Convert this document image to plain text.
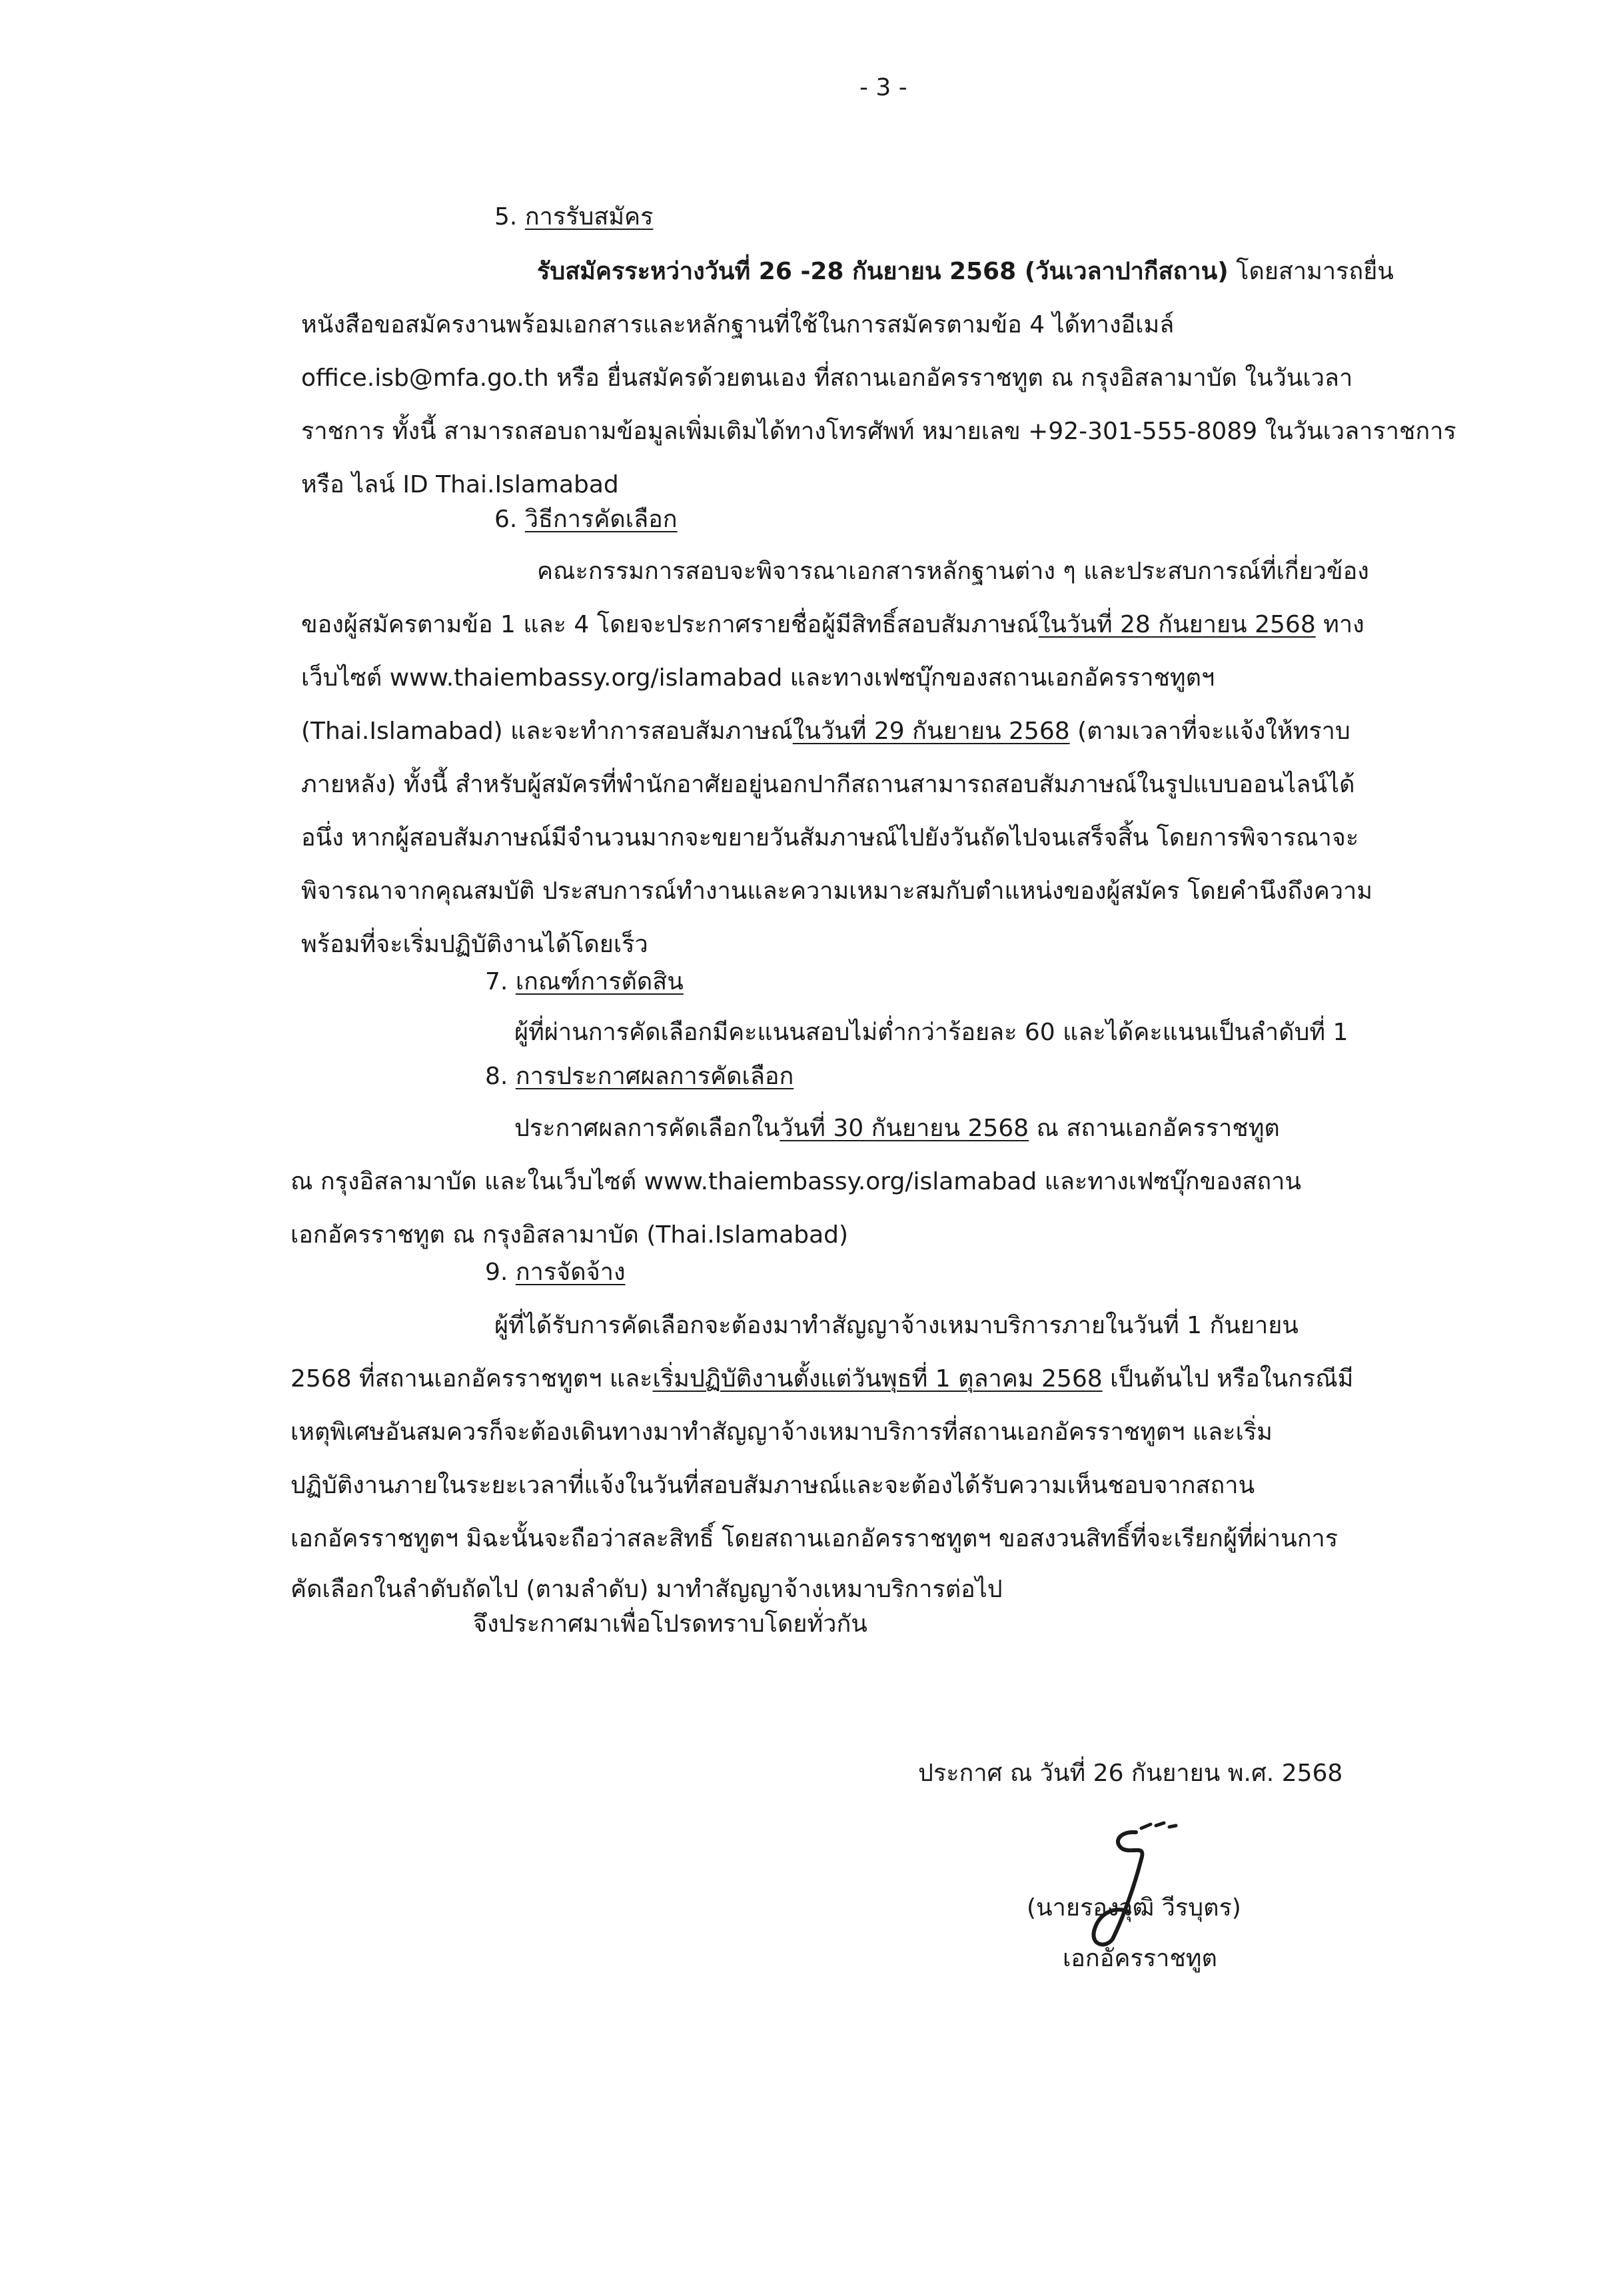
- 3 -
5. การรับสมัคร
รับสมัครระหว่างวันที่ 26 -28 กันยายน 2568 (วันเวลาปากีสถาน) โดยสามารถยื่น
หนังสือขอสมัครงานพร้อมเอกสารและหลักฐานที่ใช้ในการสมัครตามข้อ 4 ได้ทางอีเมล์
office.isb@mfa.go.th หรือ ยื่นสมัครด้วยตนเอง ที่สถานเอกอัครราชทูต ณ กรุงอิสลามาบัด ในวันเวลา
ราชการ ทั้งนี้ สามารถสอบถามข้อมูลเพิ่มเติมได้ทางโทรศัพท์ หมายเลข +92-301-555-8089 ในวันเวลาราชการ
หรือ ไลน์ ID Thai.Islamabad
6. วิธีการคัดเลือก
คณะกรรมการสอบจะพิจารณาเอกสารหลักฐานต่าง ๆ และประสบการณ์ที่เกี่ยวข้อง
ของผู้สมัครตามข้อ 1 และ 4 โดยจะประกาศรายชื่อผู้มีสิทธิ์สอบสัมภาษณ์ในวันที่ 28 กันยายน 2568 ทาง
เว็บไซต์ www.thaiembassy.org/islamabad และทางเฟซบุ๊กของสถานเอกอัครราชทูตฯ
(Thai.Islamabad) และจะทำการสอบสัมภาษณ์ในวันที่ 29 กันยายน 2568 (ตามเวลาที่จะแจ้งให้ทราบ
ภายหลัง) ทั้งนี้ สำหรับผู้สมัครที่พำนักอาศัยอยู่นอกปากีสถานสามารถสอบสัมภาษณ์ในรูปแบบออนไลน์ได้
อนึ่ง หากผู้สอบสัมภาษณ์มีจำนวนมากจะขยายวันสัมภาษณ์ไปยังวันถัดไปจนเสร็จสิ้น โดยการพิจารณาจะ
พิจารณาจากคุณสมบัติ ประสบการณ์ทำงานและความเหมาะสมกับตำแหน่งของผู้สมัคร โดยคำนึงถึงความ
พร้อมที่จะเริ่มปฏิบัติงานได้โดยเร็ว
7. เกณฑ์การตัดสิน
ผู้ที่ผ่านการคัดเลือกมีคะแนนสอบไม่ต่ำกว่าร้อยละ 60 และได้คะแนนเป็นลำดับที่ 1
8. การประกาศผลการคัดเลือก
ประกาศผลการคัดเลือกในวันที่ 30 กันยายน 2568 ณ สถานเอกอัครราชทูต
ณ กรุงอิสลามาบัด และในเว็บไซต์ www.thaiembassy.org/islamabad และทางเฟซบุ๊กของสถาน
เอกอัครราชทูต ณ กรุงอิสลามาบัด (Thai.Islamabad)
9. การจัดจ้าง
ผู้ที่ได้รับการคัดเลือกจะต้องมาทำสัญญาจ้างเหมาบริการภายในวันที่ 1 กันยายน
2568 ที่สถานเอกอัครราชทูตฯ และเริ่มปฏิบัติงานตั้งแต่วันพุธที่ 1 ตุลาคม 2568 เป็นต้นไป หรือในกรณีมี
เหตุพิเศษอันสมควรก็จะต้องเดินทางมาทำสัญญาจ้างเหมาบริการที่สถานเอกอัครราชทูตฯ และเริ่ม
ปฏิบัติงานภายในระยะเวลาที่แจ้งในวันที่สอบสัมภาษณ์และจะต้องได้รับความเห็นชอบจากสถาน
เอกอัครราชทูตฯ มิฉะนั้นจะถือว่าสละสิทธิ์ โดยสถานเอกอัครราชทูตฯ ขอสงวนสิทธิ์ที่จะเรียกผู้ที่ผ่านการ
คัดเลือกในลำดับถัดไป (ตามลำดับ) มาทำสัญญาจ้างเหมาบริการต่อไป
จึงประกาศมาเพื่อโปรดทราบโดยทั่วกัน
ประกาศ ณ วันที่ 26 กันยายน พ.ศ. 2568
(นายรองวุฒิ วีรบุตร)
เอกอัครราชทูต
